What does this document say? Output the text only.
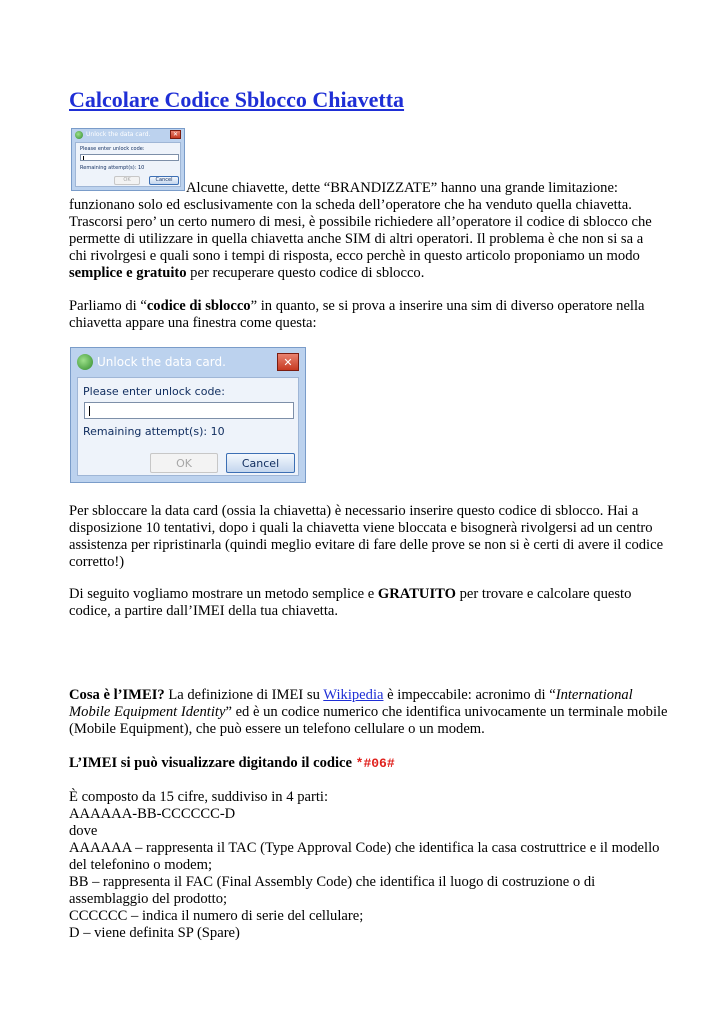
Calcolare Codice Sblocco Chiavetta
Unlock the data card.	✕
Please enter unlock code:
Remaining attempt(s): 10
OK	Cancel Alcune chiavette, dette “BRANDIZZATE” hanno una grande limitazione: funzionano solo ed esclusivamente con la scheda dell’operatore che ha venduto quella chiavetta. Trascorsi pero’ un certo numero di mesi, è possibile richiedere all’operatore il codice di sblocco che permette di utilizzare in quella chiavetta anche SIM di altri operatori. Il problema è che non si sa a chi rivolrgesi e quali sono i tempi di risposta, ecco perchè in questo articolo proponiamo un modo semplice e gratuito per recuperare questo codice di sblocco.
Parliamo di “codice di sblocco” in quanto, se si prova a inserire una sim di diverso operatore nella chiavetta appare una finestra come questa:
Unlock the data card.	✕
Please enter unlock code:
Remaining attempt(s): 10
OK	Cancel
Per sbloccare la data card (ossia la chiavetta) è necessario inserire questo codice di sblocco. Hai a disposizione 10 tentativi, dopo i quali la chiavetta viene bloccata e bisognerà rivolgersi ad un centro assistenza per ripristinarla (quindi meglio evitare di fare delle prove se non si è certi di avere il codice corretto!)
Di seguito vogliamo mostrare un metodo semplice e GRATUITO per trovare e calcolare questo codice, a partire dall’IMEI della tua chiavetta.
Cosa è l’IMEI? La definizione di IMEI su Wikipedia è impeccabile: acronimo di “International Mobile Equipment Identity” ed è un codice numerico che identifica univocamente un terminale mobile (Mobile Equipment), che può essere un telefono cellulare o un modem.
L’IMEI si può visualizzare digitando il codice *#06#
È composto da 15 cifre, suddiviso in 4 parti:
AAAAAA-BB-CCCCCC-D
dove
AAAAAA – rappresenta il TAC (Type Approval Code) che identifica la casa costruttrice e il modello del telefonino o modem;
BB – rappresenta il FAC (Final Assembly Code) che identifica il luogo di costruzione o di assemblaggio del prodotto;
CCCCCC – indica il numero di serie del cellulare;
D – viene definita SP (Spare)
